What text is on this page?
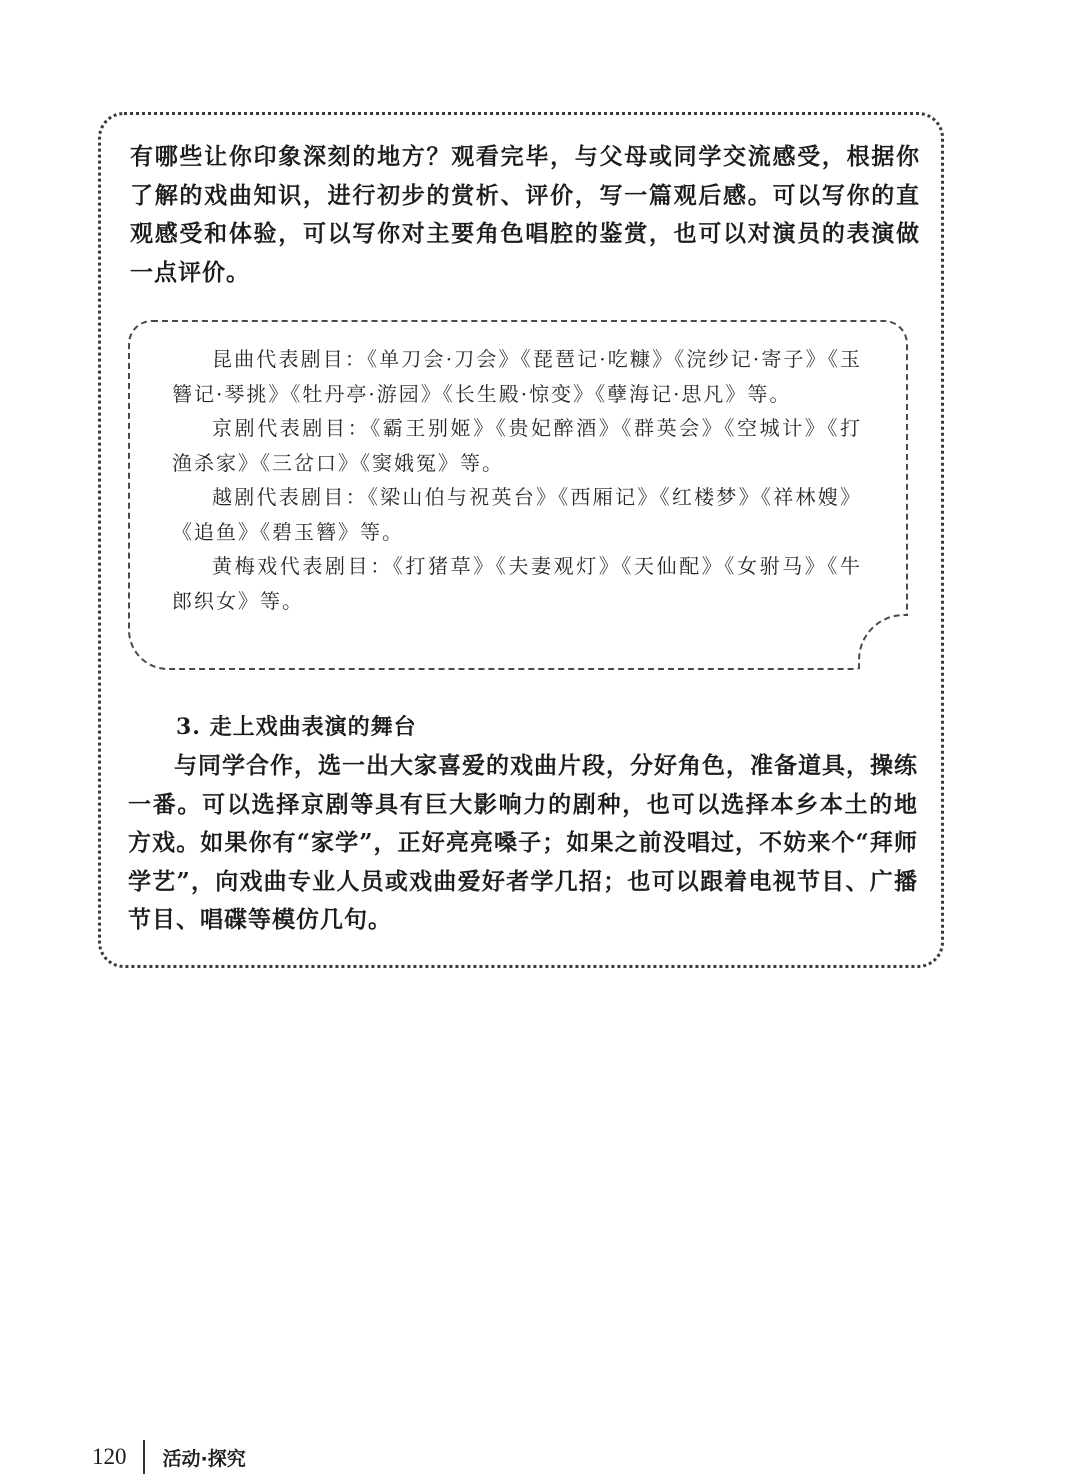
有哪些让你印象深刻的地方？观看完毕，与父母或同学交流感受，根据你了解的戏曲知识，进行初步的赏析、评价，写一篇观后感。可以写你的直观感受和体验，可以写你对主要角色唱腔的鉴赏，也可以对演员的表演做一点评价。

昆曲代表剧目：《单刀会·刀会》《琵琶记·吃糠》《浣纱记·寄子》《玉簪记·琴挑》《牡丹亭·游园》《长生殿·惊变》《孽海记·思凡》等。

京剧代表剧目：《霸王别姬》《贵妃醉酒》《群英会》《空城计》《打渔杀家》《三岔口》《窦娥冤》等。

越剧代表剧目：《梁山伯与祝英台》《西厢记》《红楼梦》《祥林嫂》《追鱼》《碧玉簪》等。

黄梅戏代表剧目：《打猪草》《夫妻观灯》《天仙配》《女驸马》《牛郎织女》等。

3. 走上戏曲表演的舞台

与同学合作，选一出大家喜爱的戏曲片段，分好角色，准备道具，操练一番。可以选择京剧等具有巨大影响力的剧种，也可以选择本乡本土的地方戏。如果你有“家学”，正好亮亮嗓子；如果之前没唱过，不妨来个“拜师学艺”，向戏曲专业人员或戏曲爱好者学几招；也可以跟着电视节目、广播节目、唱碟等模仿几句。

120 活动·探究
